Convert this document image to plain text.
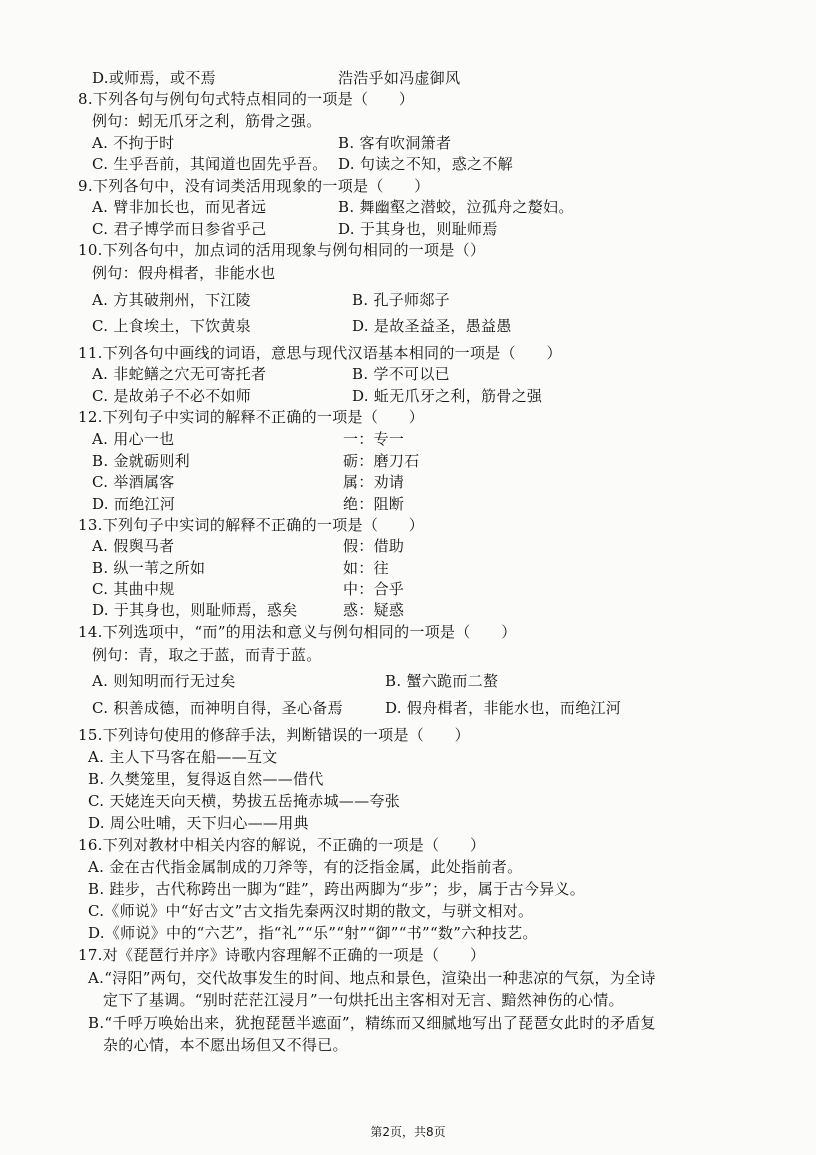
D.或师焉，或不焉	浩浩乎如冯虚御风
8.下列各句与例句句式特点相同的一项是（　　）
例句：蚓无爪牙之利，筋骨之强。
A. 不拘于时	B. 客有吹洞箫者
C. 生乎吾前，其闻道也固先乎吾。 D. 句读之不知，惑之不解
9.下列各句中，没有词类活用现象的一项是（　　）
A. 臂非加长也，而见者远	B. 舞幽壑之潜蛟，泣孤舟之嫠妇。
C. 君子博学而日参省乎己	D. 于其身也，则耻师焉
10.下列各句中，加点词的活用现象与例句相同的一项是（）
例句：假舟楫者，非能水也
A. 方其破荆州，下江陵	B. 孔子师郯子
C. 上食埃土，下饮黄泉	D. 是故圣益圣，愚益愚
11.下列各句中画线的词语，意思与现代汉语基本相同的一项是（　　）
A. 非蛇鳝之穴无可寄托者	B. 学不可以已
C. 是故弟子不必不如师	D. 蚯无爪牙之利，筋骨之强
12.下列句子中实词的解释不正确的一项是（　　）
A. 用心一也	一：专一
B. 金就砺则利	砺：磨刀石
C. 举酒属客	属：劝请
D. 而绝江河	绝：阻断
13.下列句子中实词的解释不正确的一项是（　　）
A. 假舆马者	假：借助
B. 纵一苇之所如	如：往
C. 其曲中规	中：合乎
D. 于其身也，则耻师焉，惑矣	惑：疑惑
14.下列选项中，“而”的用法和意义与例句相同的一项是（　　）
例句：青，取之于蓝，而青于蓝。
A. 则知明而行无过矣	B. 蟹六跪而二螯
C. 积善成德，而神明自得，圣心备焉	D. 假舟楫者，非能水也，而绝江河
15.下列诗句使用的修辞手法，判断错误的一项是（　　）
A. 主人下马客在船——互文
B. 久樊笼里，复得返自然——借代
C. 天姥连天向天横，势拔五岳掩赤城——夸张
D. 周公吐哺，天下归心——用典
16.下列对教材中相关内容的解说，不正确的一项是（　　）
A. 金在古代指金属制成的刀斧等，有的泛指金属，此处指前者。
B. 跬步，古代称跨出一脚为“跬”，跨出两脚为“步”；步，属于古今异义。
C.《师说》中“好古文”古文指先秦两汉时期的散文，与骈文相对。
D.《师说》中的“六艺”，指“礼”“乐”“射”“御”“书”“数”六种技艺。
17.对《琵琶行并序》诗歌内容理解不正确的一项是（　　）
A.“浔阳”两句，交代故事发生的时间、地点和景色，渲染出一种悲凉的气氛，为全诗
定下了基调。“别时茫茫江浸月”一句烘托出主客相对无言、黯然神伤的心情。
B.“千呼万唤始出来，犹抱琵琶半遮面”，精练而又细腻地写出了琵琶女此时的矛盾复
杂的心情，本不愿出场但又不得已。
第2页，共8页
